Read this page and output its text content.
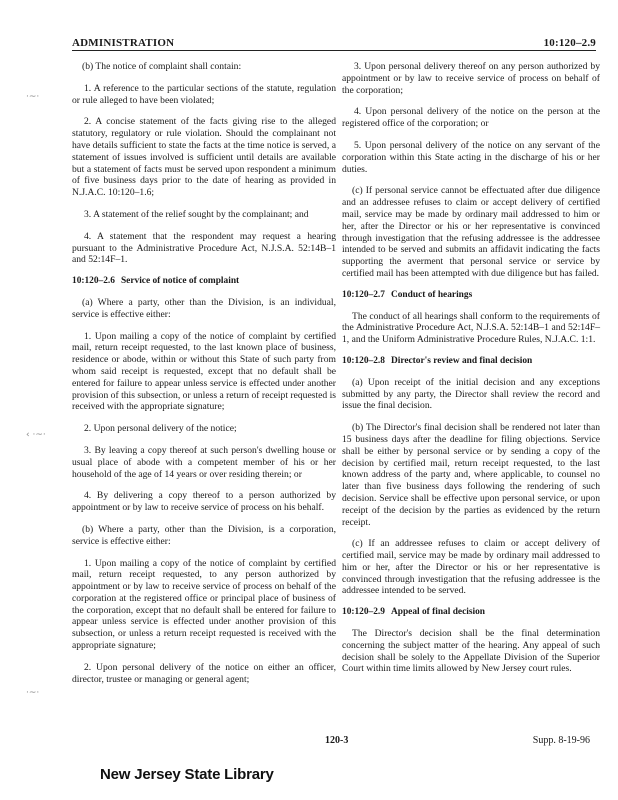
ADMINISTRATION	10:120–2.9
·~·
‹ ·~·
·~·
(b) The notice of complaint shall contain:
1. A reference to the particular sections of the statute, regulation or rule alleged to have been violated;
2. A concise statement of the facts giving rise to the alleged statutory, regulatory or rule violation. Should the complainant not have details sufficient to state the facts at the time notice is served, a statement of issues involved is sufficient until details are available but a statement of facts must be served upon respondent a minimum of five business days prior to the date of hearing as provided in N.J.A.C. 10:120–1.6;
3. A statement of the relief sought by the complainant; and
4. A statement that the respondent may request a hearing pursuant to the Administrative Procedure Act, N.J.S.A. 52:14B–1 and 52:14F–1.
10:120–2.6 Service of notice of complaint
(a) Where a party, other than the Division, is an individual, service is effective either:
1. Upon mailing a copy of the notice of complaint by certified mail, return receipt requested, to the last known place of business, residence or abode, within or without this State of such party from whom said receipt is requested, except that no default shall be entered for failure to appear unless service is effected under another provision of this subsection, or unless a return of receipt requested is received with the appropriate signature;
2. Upon personal delivery of the notice;
3. By leaving a copy thereof at such person's dwelling house or usual place of abode with a competent member of his or her household of the age of 14 years or over residing therein; or
4. By delivering a copy thereof to a person authorized by appointment or by law to receive service of process on his behalf.
(b) Where a party, other than the Division, is a corporation, service is effective either:
1. Upon mailing a copy of the notice of complaint by certified mail, return receipt requested, to any person authorized by appointment or by law to receive service of process on behalf of the corporation at the registered office or principal place of business of the corporation, except that no default shall be entered for failure to appear unless service is effected under another provision of this subsection, or unless a return receipt requested is received with the appropriate signature;
2. Upon personal delivery of the notice on either an officer, director, trustee or managing or general agent;
3. Upon personal delivery thereof on any person authorized by appointment or by law to receive service of process on behalf of the corporation;
4. Upon personal delivery of the notice on the person at the registered office of the corporation; or
5. Upon personal delivery of the notice on any servant of the corporation within this State acting in the discharge of his or her duties.
(c) If personal service cannot be effectuated after due diligence and an addressee refuses to claim or accept delivery of certified mail, service may be made by ordinary mail addressed to him or her, after the Director or his or her representative is convinced through investigation that the refusing addressee is the addressee intended to be served and submits an affidavit indicating the facts supporting the averment that personal service or service by certified mail has been attempted with due diligence but has failed.
10:120–2.7 Conduct of hearings
The conduct of all hearings shall conform to the requirements of the Administrative Procedure Act, N.J.S.A. 52:14B–1 and 52:14F–1, and the Uniform Administrative Procedure Rules, N.J.A.C. 1:1.
10:120–2.8 Director's review and final decision
(a) Upon receipt of the initial decision and any exceptions submitted by any party, the Director shall review the record and issue the final decision.
(b) The Director's final decision shall be rendered not later than 15 business days after the deadline for filing objections. Service shall be either by personal service or by sending a copy of the decision by certified mail, return receipt requested, to the last known address of the party and, where applicable, to counsel no later than five business days following the rendering of such decision. Service shall be effective upon personal service, or upon receipt of the decision by the parties as evidenced by the return receipt.
(c) If an addressee refuses to claim or accept delivery of certified mail, service may be made by ordinary mail addressed to him or her, after the Director or his or her representative is convinced through investigation that the refusing addressee is the addressee intended to be served.
10:120–2.9 Appeal of final decision
The Director's decision shall be the final determination concerning the subject matter of the hearing. Any appeal of such decision shall be solely to the Appellate Division of the Superior Court within time limits allowed by New Jersey court rules.
120-3	Supp. 8-19-96
New Jersey State Library
